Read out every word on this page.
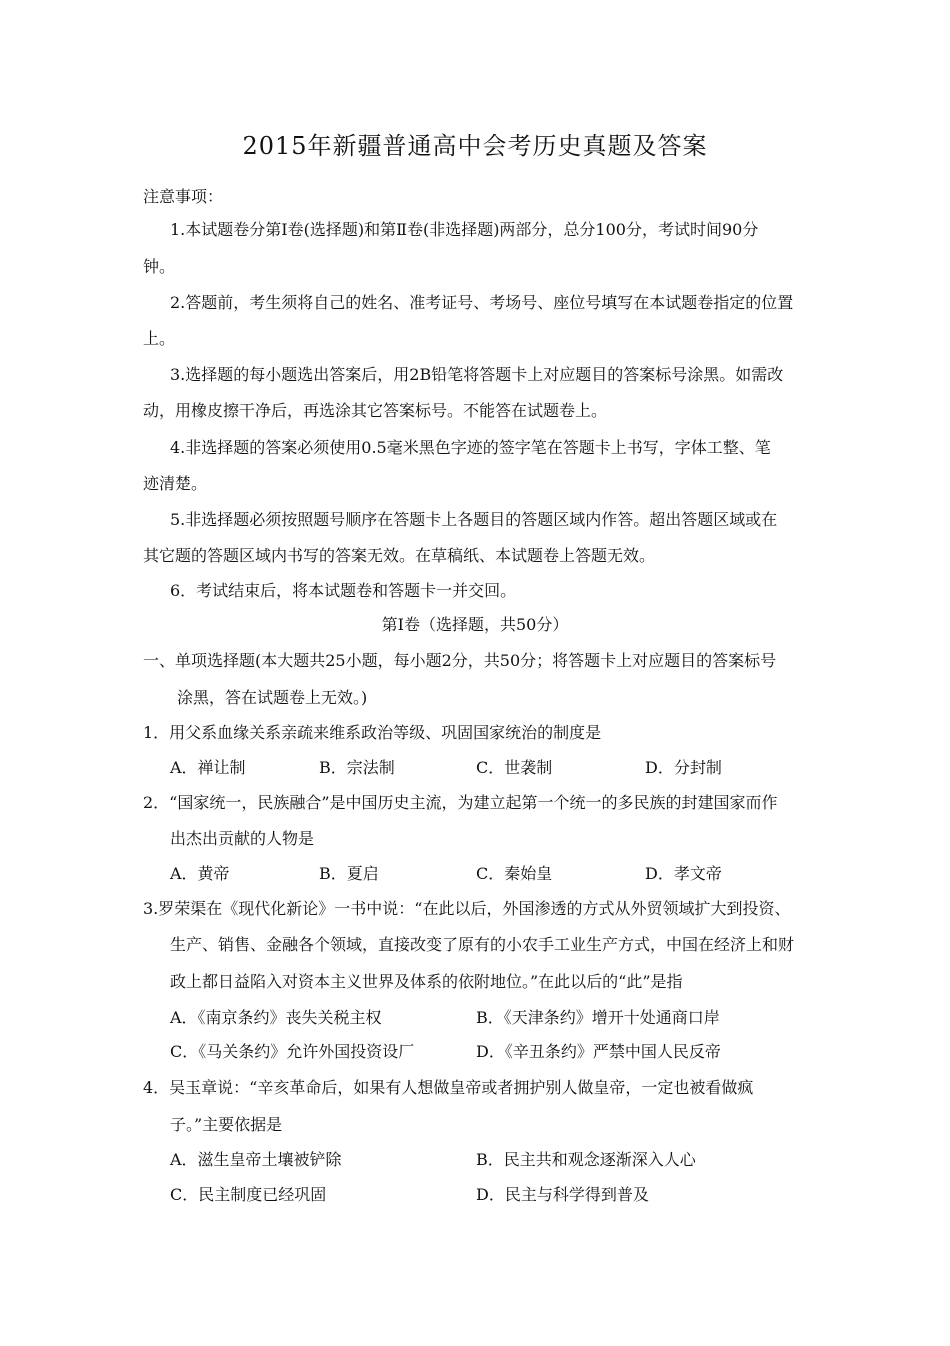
2015年新疆普通高中会考历史真题及答案
注意事项：
1.本试题卷分第Ⅰ卷(选择题)和第Ⅱ卷(非选择题)两部分，总分100分，考试时间90分
钟。
2.答题前，考生须将自己的姓名、准考证号、考场号、座位号填写在本试题卷指定的位置
上。
3.选择题的每小题选出答案后，用2B铅笔将答题卡上对应题目的答案标号涂黑。如需改
动，用橡皮擦干净后，再选涂其它答案标号。不能答在试题卷上。
4.非选择题的答案必须使用0.5毫米黑色字迹的签字笔在答题卡上书写，字体工整、笔
迹清楚。
5.非选择题必须按照题号顺序在答题卡上各题目的答题区域内作答。超出答题区域或在
其它题的答题区域内书写的答案无效。在草稿纸、本试题卷上答题无效。
6．考试结束后，将本试题卷和答题卡一并交回。
第Ⅰ卷（选择题，共50分）
一、单项选择题(本大题共25小题，每小题2分，共50分；将答题卡上对应题目的答案标号
涂黑，答在试题卷上无效。)
1．用父系血缘关系亲疏来维系政治等级、巩固国家统治的制度是
A．禅让制	B．宗法制	C．世袭制	D．分封制
2．“国家统一，民族融合”是中国历史主流，为建立起第一个统一的多民族的封建国家而作
出杰出贡献的人物是
A．黄帝	B．夏启	C．秦始皇	D．孝文帝
3.罗荣渠在《现代化新论》一书中说：“在此以后，外国渗透的方式从外贸领域扩大到投资、
生产、销售、金融各个领域，直接改变了原有的小农手工业生产方式，中国在经济上和财
政上都日益陷入对资本主义世界及体系的依附地位。”在此以后的“此”是指
A．《南京条约》丧失关税主权	B．《天津条约》增开十处通商口岸
C．《马关条约》允许外国投资设厂	D．《辛丑条约》严禁中国人民反帝
4．吴玉章说：“辛亥革命后，如果有人想做皇帝或者拥护别人做皇帝，一定也被看做疯
子。”主要依据是
A．滋生皇帝土壤被铲除	B．民主共和观念逐渐深入人心
C．民主制度已经巩固	D．民主与科学得到普及
